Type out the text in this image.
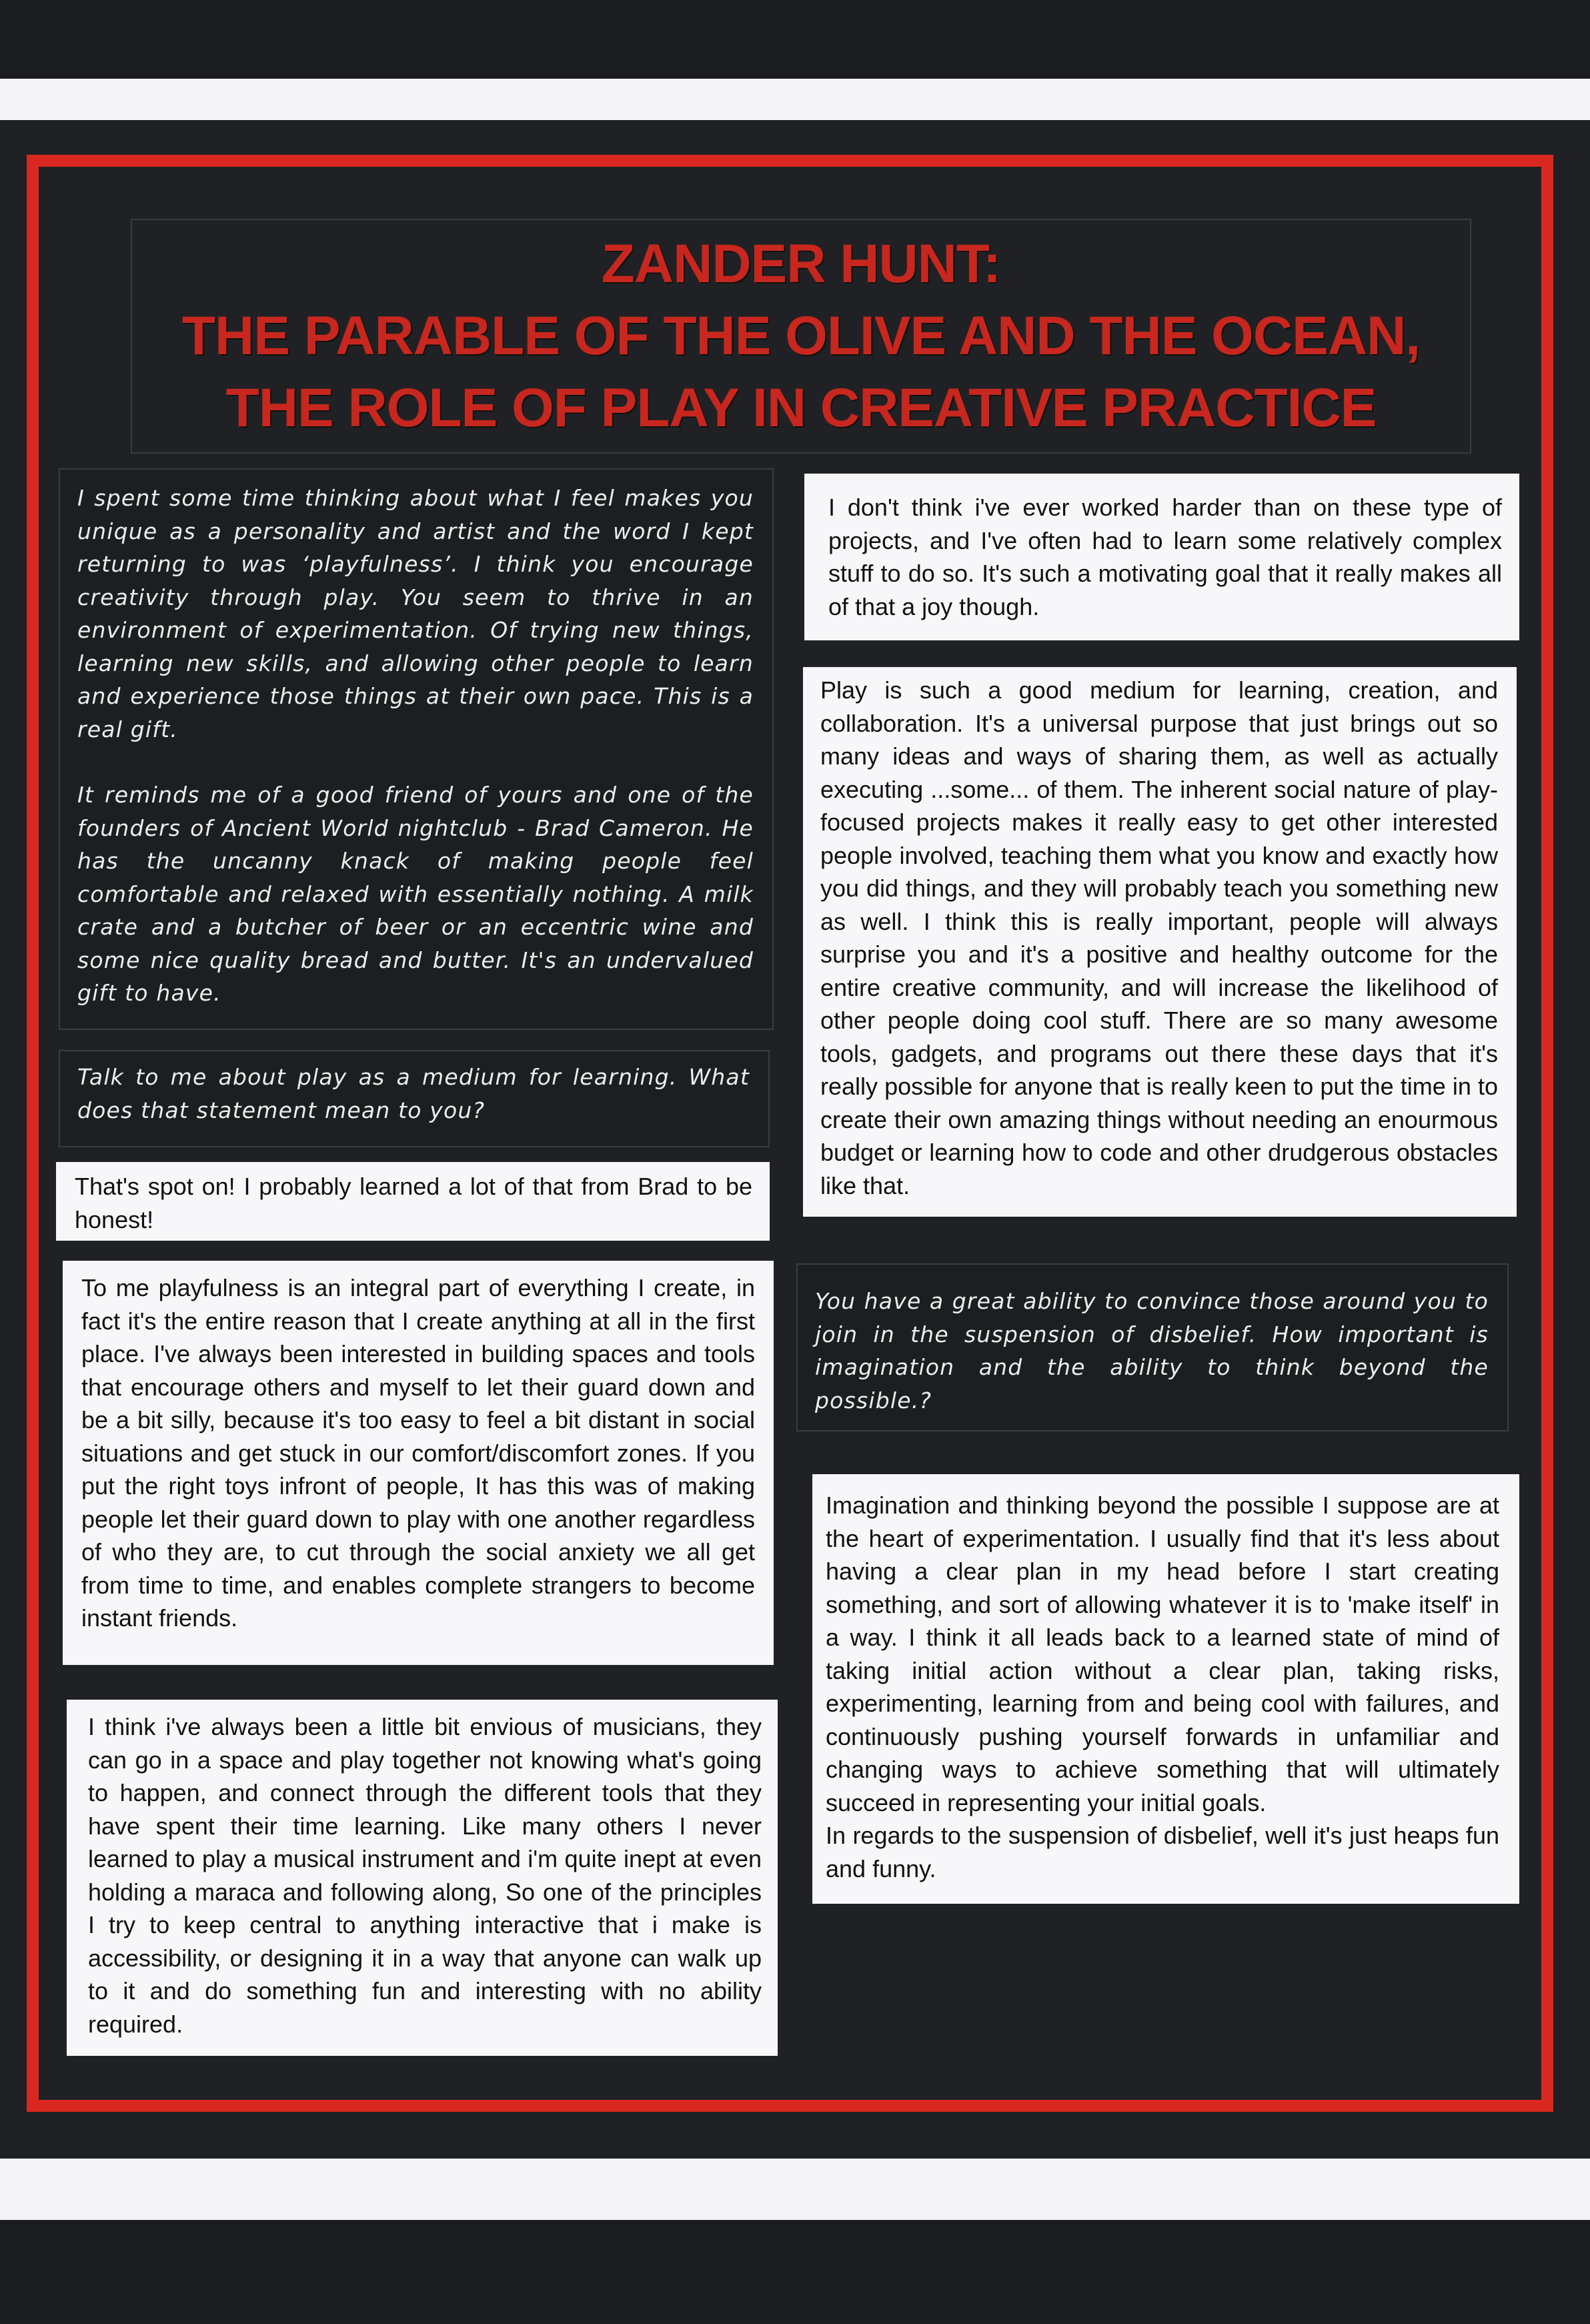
ZANDER HUNT:
THE PARABLE OF THE OLIVE AND THE OCEAN,
THE ROLE OF PLAY IN CREATIVE PRACTICE

I spent some time thinking about what I feel makes you unique as a personality and artist and the word I kept returning to was ‘playfulness’. I think you encourage creativity through play. You seem to thrive in an environment of experimentation. Of trying new things, learning new skills, and allowing other people to learn and experience those things at their own pace. This is a real gift.

It reminds me of a good friend of yours and one of the founders of Ancient World nightclub - Brad Cameron. He has the uncanny knack of making people feel comfortable and relaxed with essentially nothing. A milk crate and a butcher of beer or an eccentric wine and some nice quality bread and butter. It's an undervalued gift to have.

Talk to me about play as a medium for learning. What does that statement mean to you?

That's spot on! I probably learned a lot of that from Brad to be honest!

To me playfulness is an integral part of everything I create, in fact it's the entire reason that I create anything at all in the first place. I've always been interested in building spaces and tools that encourage others and myself to let their guard down and be a bit silly, because it's too easy to feel a bit distant in social situations and get stuck in our comfort/discomfort zones. If you put the right toys infront of people, It has this was of making people let their guard down to play with one another regardless of who they are, to cut through the social anxiety we all get from time to time, and enables complete strangers to become instant friends.

I think i've always been a little bit envious of musicians, they can go in a space and play together not knowing what's going to happen, and connect through the different tools that they have spent their time learning. Like many others I never learned to play a musical instrument and i'm quite inept at even holding a maraca and following along, So one of the principles I try to keep central to anything interactive that i make is accessibility, or designing it in a way that anyone can walk up to it and do something fun and interesting with no ability required.

I don't think i've ever worked harder than on these type of projects, and I've often had to learn some relatively complex stuff to do so. It's such a motivating goal that it really makes all of that a joy though.

Play is such a good medium for learning, creation, and collaboration. It's a universal purpose that just brings out so many ideas and ways of sharing them, as well as actually executing ...some... of them. The inherent social nature of play-focused projects makes it really easy to get other interested people involved, teaching them what you know and exactly how you did things, and they will probably teach you something new as well. I think this is really important, people will always surprise you and it's a positive and healthy outcome for the entire creative community, and will increase the likelihood of other people doing cool stuff. There are so many awesome tools, gadgets, and programs out there these days that it's really possible for anyone that is really keen to put the time in to create their own amazing things without needing an enourmous budget or learning how to code and other drudgerous obstacles like that.

You have a great ability to convince those around you to join in the suspension of disbelief. How important is imagination and the ability to think beyond the possible.?

Imagination and thinking beyond the possible I suppose are at the heart of experimentation. I usually find that it's less about having a clear plan in my head before I start creating something, and sort of allowing whatever it is to 'make itself' in a way. I think it all leads back to a learned state of mind of taking initial action without a clear plan, taking risks, experimenting, learning from and being cool with failures, and continuously pushing yourself forwards in unfamiliar and changing ways to achieve something that will ultimately succeed in representing your initial goals.

In regards to the suspension of disbelief, well it's just heaps fun and funny.
